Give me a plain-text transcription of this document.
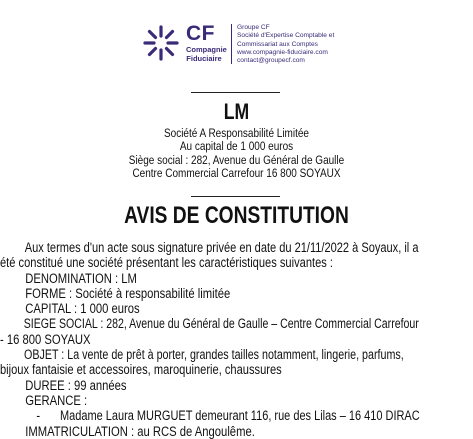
CF
Compagnie
Fiduciaire
Groupe CF
Société d'Expertise Comptable et
Commissariat aux Comptes
www.compagnie-fiduciaire.com
contact@groupecf.com
LM
Société A Responsabilité Limitée
Au capital de 1 000 euros
Siège social : 282, Avenue du Général de Gaulle
Centre Commercial Carrefour 16 800 SOYAUX
AVIS DE CONSTITUTION
Aux termes d'un acte sous signature privée en date du 21/11/2022 à Soyaux, il a
été constitué une société présentant les caractéristiques suivantes :
DENOMINATION : LM
FORME : Société à responsabilité limitée
CAPITAL : 1 000 euros
SIEGE SOCIAL : 282, Avenue du Général de Gaulle – Centre Commercial Carrefour
- 16 800 SOYAUX
OBJET : La vente de prêt à porter, grandes tailles notamment, lingerie, parfums,
bijoux fantaisie et accessoires, maroquinerie, chaussures
DUREE : 99 années
GERANCE :
- Madame Laura MURGUET demeurant 116, rue des Lilas – 16 410 DIRAC
IMMATRICULATION : au RCS de Angoulême.
